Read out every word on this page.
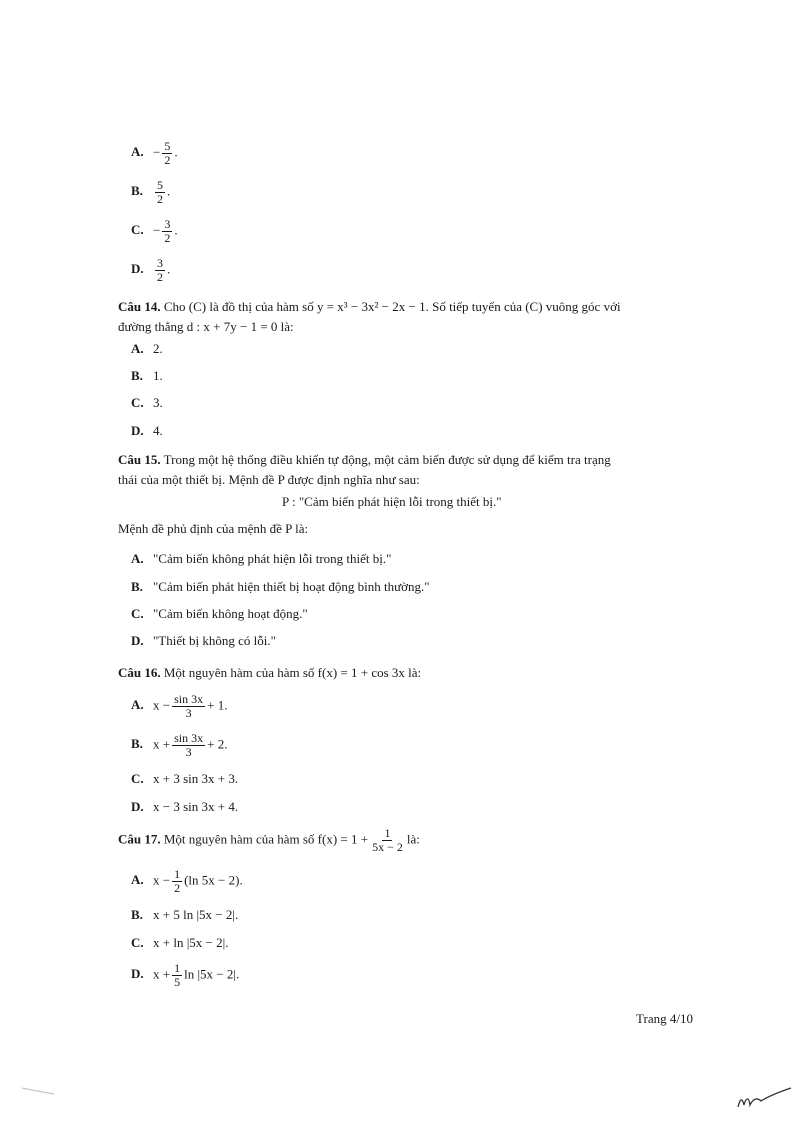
A. − $\frac{5}{2}$ .
B. $\frac{5}{2}$ .
C. − $\frac{3}{2}$ .
D. $\frac{3}{2}$ .
Câu 14. Cho (C) là đồ thị của hàm số y = x³ − 3x² − 2x − 1. Số tiếp tuyến của (C) vuông góc với
đường thẳng d : x + 7y − 1 = 0 là:
A. 2.
B. 1.
C. 3.
D. 4.
Câu 15. Trong một hệ thống điều khiển tự động, một cảm biến được sử dụng để kiểm tra trạng
thái của một thiết bị. Mệnh đề P được định nghĩa như sau:
P : "Cảm biến phát hiện lỗi trong thiết bị."
Mệnh đề phủ định của mệnh đề P là:
A. "Cảm biến không phát hiện lỗi trong thiết bị."
B. "Cảm biến phát hiện thiết bị hoạt động bình thường."
C. "Cảm biến không hoạt động."
D. "Thiết bị không có lỗi."
Câu 16. Một nguyên hàm của hàm số f(x) = 1 + cos 3x là:
A. $x - \frac{\sin 3x}{3} + 1$.
B. $x + \frac{\sin 3x}{3} + 2$.
C. x + 3 sin 3x + 3.
D. x − 3 sin 3x + 4.
Câu 17. Một nguyên hàm của hàm số $f(x) = 1 + \frac{1}{5x - 2}$ là:
A. $x - \frac{1}{2} (\ln$ 5x − 2).
B. x + 5 ln |5x − 2|.
C. x + ln |5x − 2|.
D. $x + \frac{1}{5}$ ln |5x − 2|.
Trang 4/10
